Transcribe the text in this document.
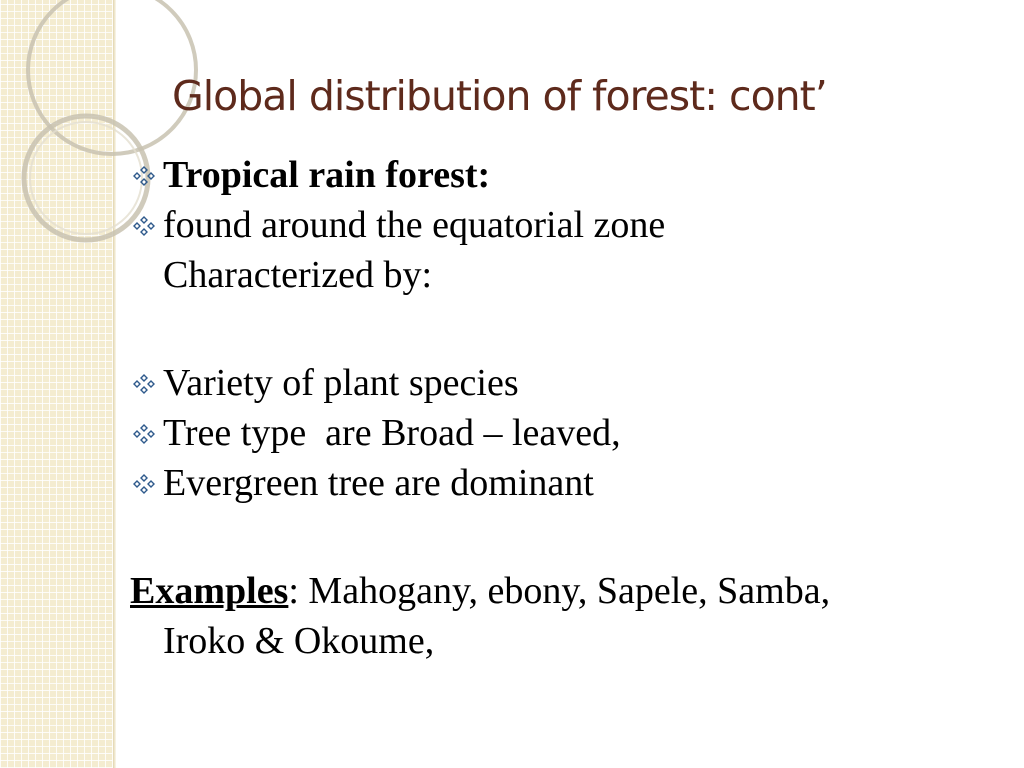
Global distribution of forest: cont’
Tropical rain forest:
found around the equatorial zone
Characterized by:
Variety of plant species
Tree type  are Broad – leaved,
Evergreen tree are dominant
Examples: Mahogany, ebony, Sapele, Samba,
Iroko & Okoume,
